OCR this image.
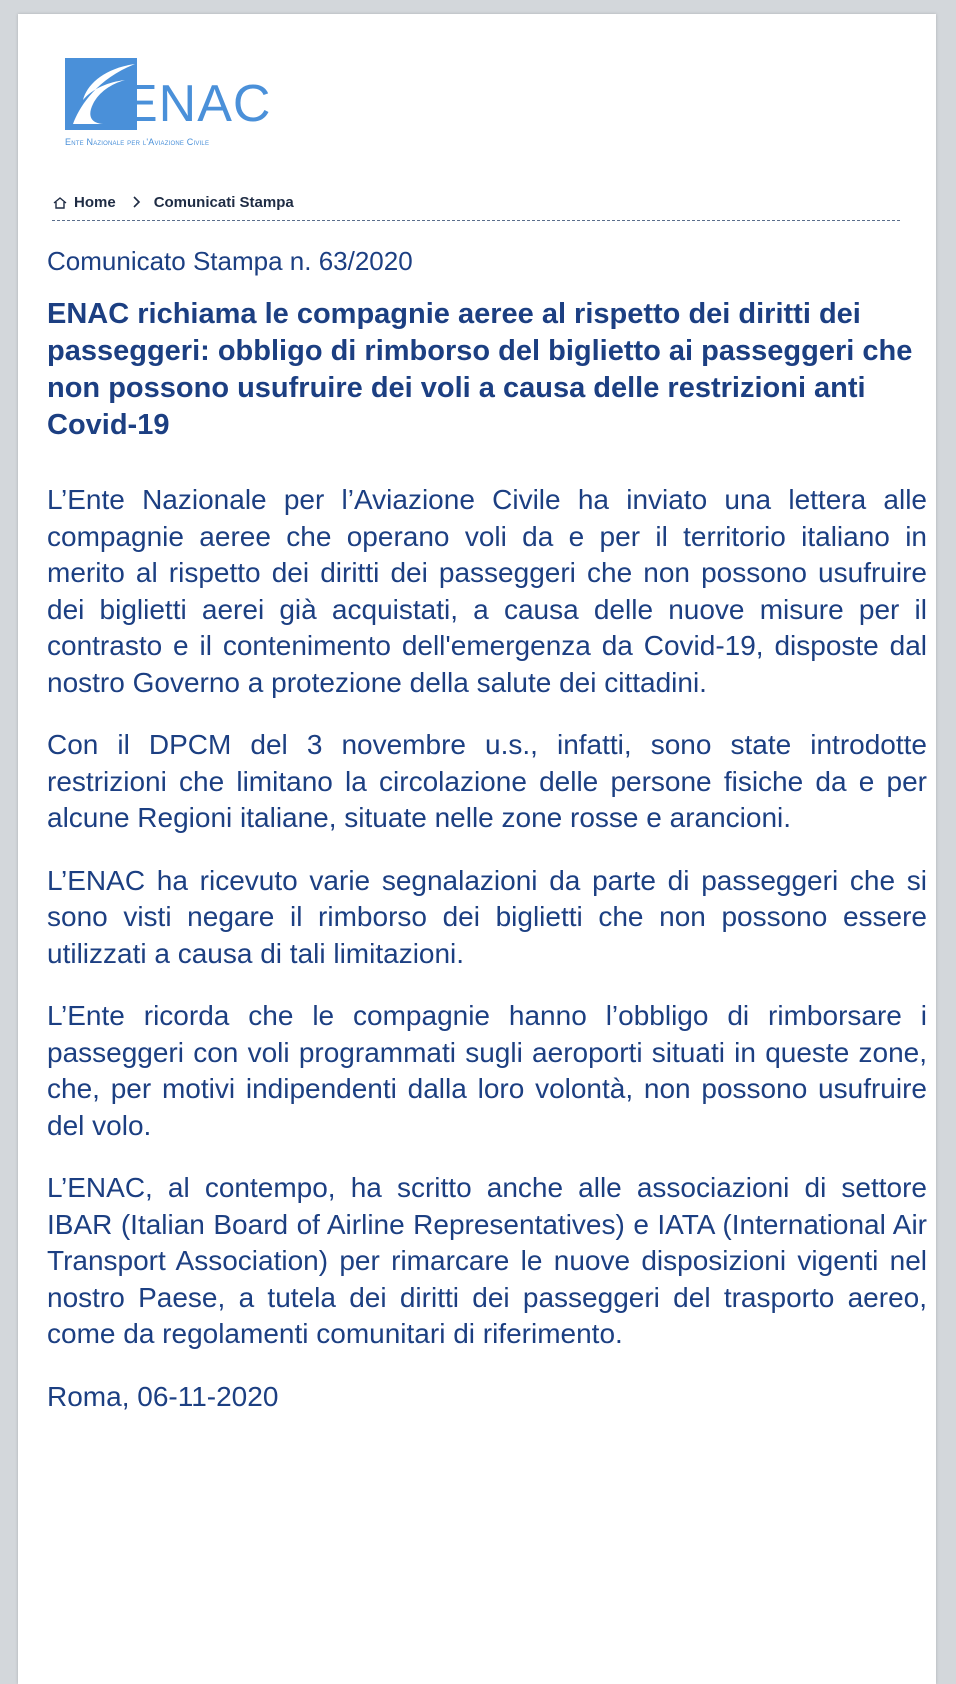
ENAC
Ente Nazionale per l'Aviazione Civile
Home	Comunicati Stampa
Comunicato Stampa n. 63/2020
ENAC richiama le compagnie aeree al rispetto dei diritti dei passeggeri: obbligo di rimborso del biglietto ai passeggeri che non possono usufruire dei voli a causa delle restrizioni anti Covid-19

L’Ente Nazionale per l’Aviazione Civile ha inviato una lettera alle compagnie aeree che operano voli da e per il territorio italiano in merito al rispetto dei diritti dei passeggeri che non possono usufruire dei biglietti aerei già acquistati, a causa delle nuove misure per il contrasto e il contenimento dell'emergenza da Covid-19, disposte dal nostro Governo a protezione della salute dei cittadini.

Con il DPCM del 3 novembre u.s., infatti, sono state introdotte restrizioni che limitano la circolazione delle persone fisiche da e per alcune Regioni italiane, situate nelle zone rosse e arancioni.

L’ENAC ha ricevuto varie segnalazioni da parte di passeggeri che si sono visti negare il rimborso dei biglietti che non possono essere utilizzati a causa di tali limitazioni.

L’Ente ricorda che le compagnie hanno l’obbligo di rimborsare i passeggeri con voli programmati sugli aeroporti situati in queste zone, che, per motivi indipendenti dalla loro volontà, non possono usufruire del volo.

L’ENAC, al contempo, ha scritto anche alle associazioni di settore IBAR (Italian Board of Airline Representatives) e IATA (International Air Transport Association) per rimarcare le nuove disposizioni vigenti nel nostro Paese, a tutela dei diritti dei passeggeri del trasporto aereo, come da regolamenti comunitari di riferimento.

Roma, 06-11-2020
